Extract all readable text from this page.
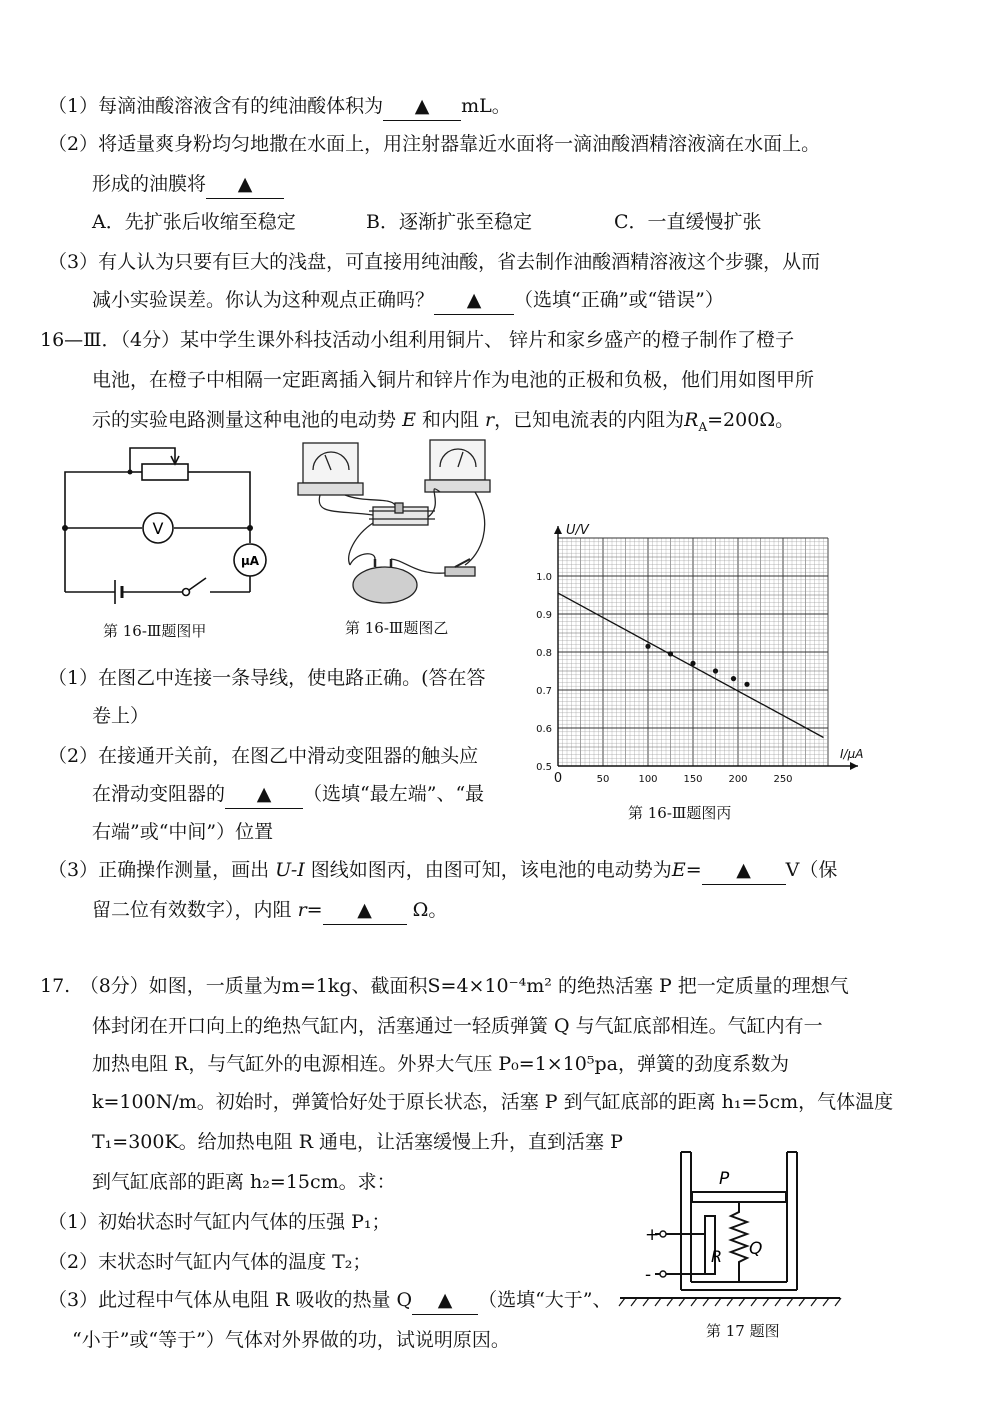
（1）每滴油酸溶液含有的纯油酸体积为 ▲ mL。
（2）将适量爽身粉均匀地撒在水面上，用注射器靠近水面将一滴油酸酒精溶液滴在水面上。
形成的油膜将 ▲
A．先扩张后收缩至稳定	B．逐渐扩张至稳定	C．一直缓慢扩张
（3）有人认为只要有巨大的浅盘，可直接用纯油酸，省去制作油酸酒精溶液这个步骤，从而
减小实验误差。你认为这种观点正确吗？ ▲ （选填“正确”或“错误”）
16—Ⅲ．（4分）某中学生课外科技活动小组利用铜片、 锌片和家乡盛产的橙子制作了橙子
电池，在橙子中相隔一定距离插入铜片和锌片作为电池的正极和负极，他们用如图甲所
示的实验电路测量这种电池的电动势 E 和内阻 r，已知电流表的内阻为$R_A=200\Omega$。
V
μA
第 16-Ⅲ题图甲	第 16-Ⅲ题图乙
0	50	100	150	200	250
0.5
0.6
0.7
0.8
0.9
1.0
I/μA
U/V
第 16-Ⅲ题图丙
（1）在图乙中连接一条导线，使电路正确。(答在答
卷上）
（2）在接通开关前，在图乙中滑动变阻器的触头应
在滑动变阻器的 ▲ （选填“最左端”、“最
右端”或“中间”）位置
（3）正确操作测量，画出 U-I 图线如图丙，由图可知，该电池的电动势为E= ▲ V（保
留二位有效数字），内阻 r= ▲ Ω。
17.　（8分）如图，一质量为m=1kg、截面积S=4×10⁻⁴m² 的绝热活塞 P 把一定质量的理想气
体封闭在开口向上的绝热气缸内，活塞通过一轻质弹簧 Q 与气缸底部相连。气缸内有一
加热电阻 R，与气缸外的电源相连。外界大气压 P₀=1×10⁵pa，弹簧的劲度系数为
k=100N/m。初始时，弹簧恰好处于原长状态，活塞 P 到气缸底部的距离 h₁=5cm，气体温度
T₁=300K。给加热电阻 R 通电，让活塞缓慢上升，直到活塞 P
到气缸底部的距离 h₂=15cm。求：
（1）初始状态时气缸内气体的压强 P₁；
（2）末状态时气缸内气体的温度 T₂；
（3）此过程中气体从电阻 R 吸收的热量 Q ▲ （选填“大于”、
“小于”或“等于”）气体对外界做的功，试说明原因。
P
Q
R
+
-
第 17 题图
